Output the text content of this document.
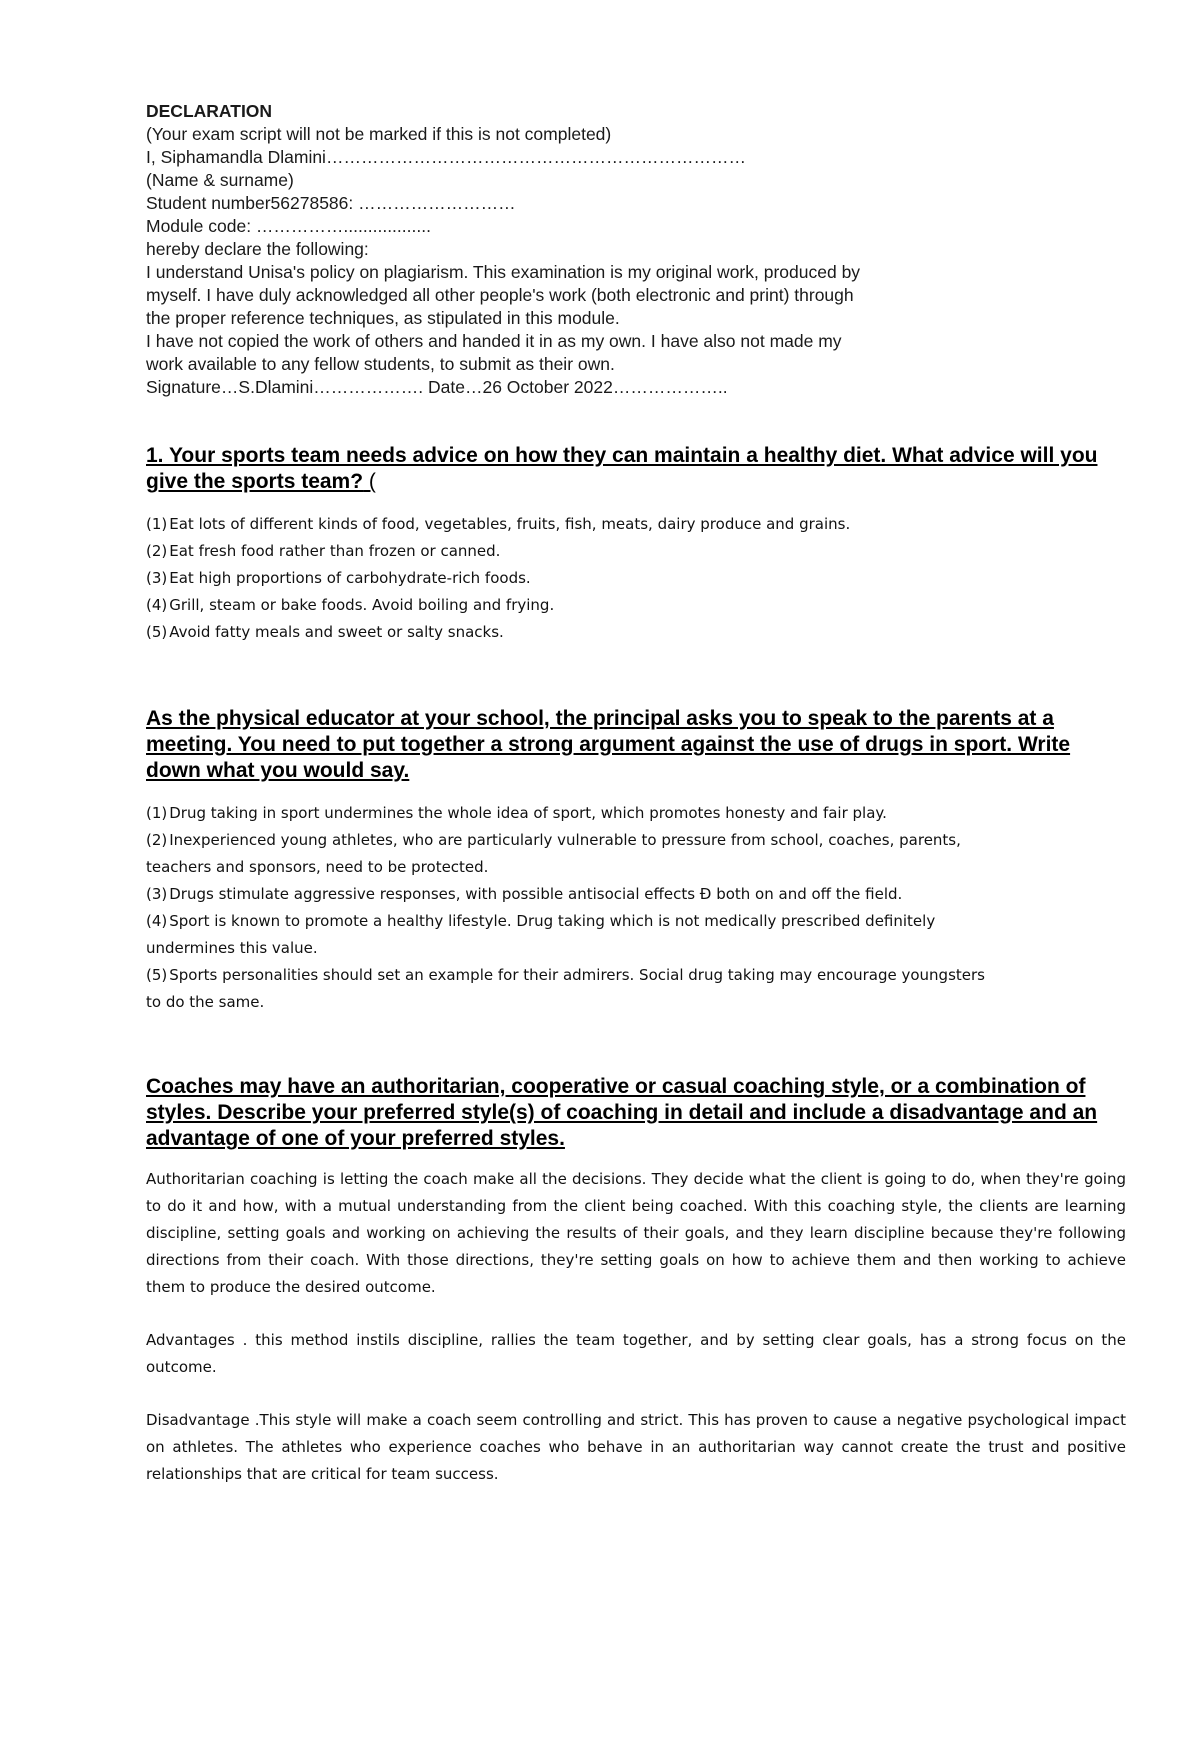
DECLARATION

(Your exam script will not be marked if this is not completed)

I, Siphamandla Dlamini………………………………………………………………

(Name & surname)

Student number56278586: ………………………

Module code: ……………..................

hereby declare the following:

I understand Unisa's policy on plagiarism. This examination is my original work, produced by

myself. I have duly acknowledged all other people's work (both electronic and print) through

the proper reference techniques, as stipulated in this module.

I have not copied the work of others and handed it in as my own. I have also not made my

work available to any fellow students, to submit as their own.

Signature…S.Dlamini………………. Date…26 October 2022………………..

1. Your sports team needs advice on how they can maintain a healthy diet. What advice will you give the sports team? (
(1) Eat lots of different kinds of food, vegetables, fruits, fish, meats, dairy produce and grains.
(2) Eat fresh food rather than frozen or canned.
(3) Eat high proportions of carbohydrate-rich foods.
(4) Grill, steam or bake foods. Avoid boiling and frying.
(5) Avoid fatty meals and sweet or salty snacks.
As the physical educator at your school, the principal asks you to speak to the parents at a meeting. You need to put together a strong argument against the use of drugs in sport. Write down what you would say.
(1) Drug taking in sport undermines the whole idea of sport, which promotes honesty and fair play.
(2) Inexperienced young athletes, who are particularly vulnerable to pressure from school, coaches, parents, teachers and sponsors, need to be protected.
(3) Drugs stimulate aggressive responses, with possible antisocial effects Ð both on and off the field.
(4) Sport is known to promote a healthy lifestyle. Drug taking which is not medically prescribed definitely undermines this value.
(5) Sports personalities should set an example for their admirers. Social drug taking may encourage youngsters to do the same.
Coaches may have an authoritarian, cooperative or casual coaching style, or a combination of styles. Describe your preferred style(s) of coaching in detail and include a disadvantage and an advantage of one of your preferred styles.

Authoritarian coaching is letting the coach make all the decisions. They decide what the client is going to do, when they're going to do it and how, with a mutual understanding from the client being coached. With this coaching style, the clients are learning discipline, setting goals and working on achieving the results of their goals, and they learn discipline because they're following directions from their coach. With those directions, they're setting goals on how to achieve them and then working to achieve them to produce the desired outcome.

Advantages . this method instils discipline, rallies the team together, and by setting clear goals, has a strong focus on the outcome.

Disadvantage .This style will make a coach seem controlling and strict. This has proven to cause a negative psychological impact on athletes. The athletes who experience coaches who behave in an authoritarian way cannot create the trust and positive relationships that are critical for team success.
